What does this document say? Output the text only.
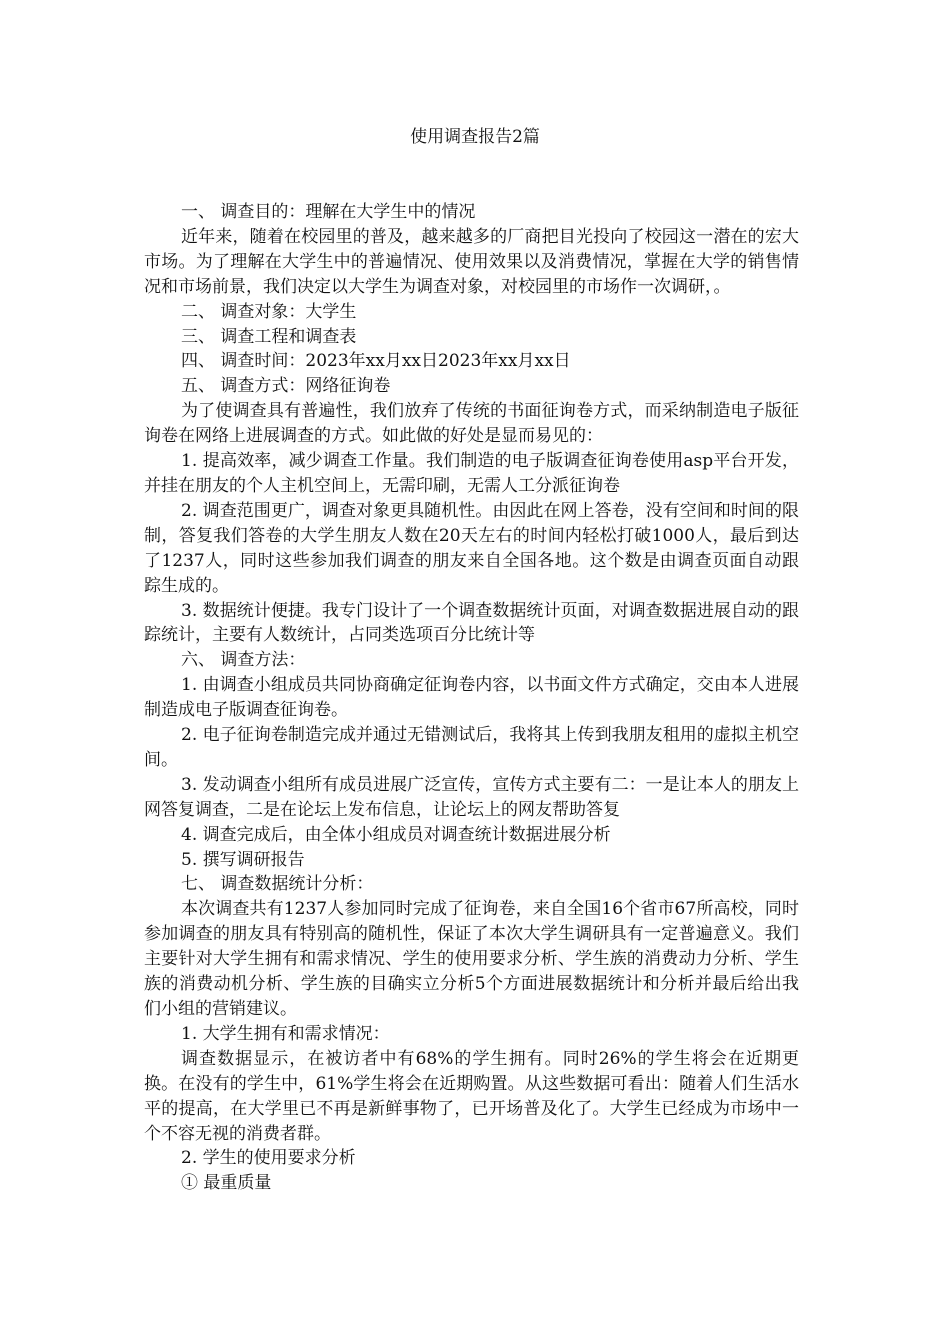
使用调查报告2篇

一、 调查目的：理解在大学生中的情况

近年来，随着在校园里的普及，越来越多的厂商把目光投向了校园这一潜在的宏大市场。为了理解在大学生中的普遍情况、使用效果以及消费情况，掌握在大学的销售情况和市场前景，我们决定以大学生为调查对象，对校园里的市场作一次调研，。

二、 调查对象：大学生

三、 调查工程和调查表

四、 调查时间：2023年xx月xx日2023年xx月xx日

五、 调查方式：网络征询卷

为了使调查具有普遍性，我们放弃了传统的书面征询卷方式，而采纳制造电子版征询卷在网络上进展调查的方式。如此做的好处是显而易见的：

1. 提高效率，减少调查工作量。我们制造的电子版调查征询卷使用asp平台开发，并挂在朋友的个人主机空间上，无需印刷，无需人工分派征询卷

2. 调查范围更广，调查对象更具随机性。由因此在网上答卷，没有空间和时间的限制，答复我们答卷的大学生朋友人数在20天左右的时间内轻松打破1000人，最后到达了1237人，同时这些参加我们调查的朋友来自全国各地。这个数是由调查页面自动跟踪生成的。

3. 数据统计便捷。我专门设计了一个调查数据统计页面，对调查数据进展自动的跟踪统计，主要有人数统计，占同类选项百分比统计等

六、 调查方法：

1. 由调查小组成员共同协商确定征询卷内容，以书面文件方式确定，交由本人进展制造成电子版调查征询卷。

2. 电子征询卷制造完成并通过无错测试后，我将其上传到我朋友租用的虚拟主机空间。

3. 发动调查小组所有成员进展广泛宣传，宣传方式主要有二：一是让本人的朋友上网答复调查，二是在论坛上发布信息，让论坛上的网友帮助答复

4. 调查完成后，由全体小组成员对调查统计数据进展分析

5. 撰写调研报告

七、 调查数据统计分析：

本次调查共有1237人参加同时完成了征询卷，来自全国16个省市67所高校，同时参加调查的朋友具有特别高的随机性，保证了本次大学生调研具有一定普遍意义。我们主要针对大学生拥有和需求情况、学生的使用要求分析、学生族的消费动力分析、学生族的消费动机分析、学生族的目确实立分析5个方面进展数据统计和分析并最后给出我们小组的营销建议。

1. 大学生拥有和需求情况：

调查数据显示，在被访者中有68%的学生拥有。同时26%的学生将会在近期更换。在没有的学生中，61%学生将会在近期购置。从这些数据可看出：随着人们生活水平的提高，在大学里已不再是新鲜事物了，已开场普及化了。大学生已经成为市场中一个不容无视的消费者群。

2. 学生的使用要求分析

① 最重质量
